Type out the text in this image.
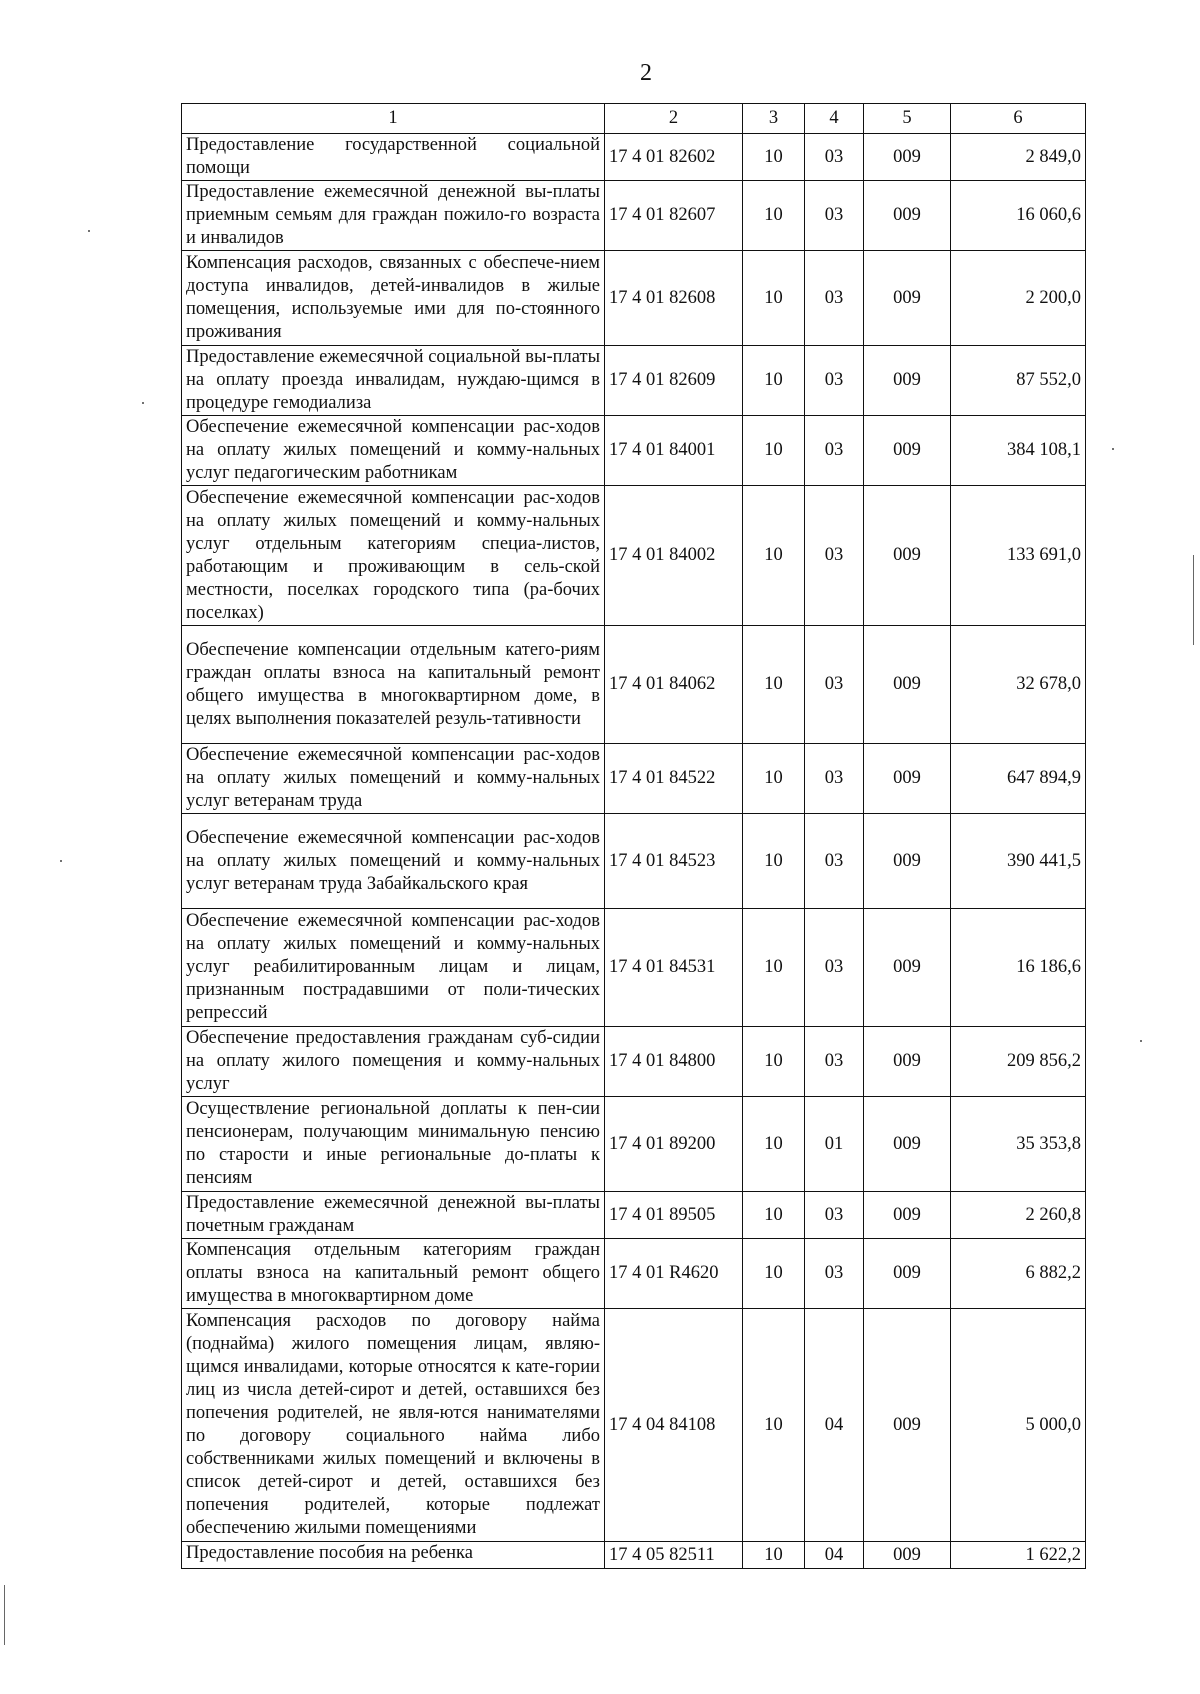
2
1	2	3	4	5	6
Предоставление государственной социальной помощи	17 4 01 82602	10	03	009	2 849,0
Предоставление ежемесячной денежной вы-платы приемным семьям для граждан пожило-го возраста и инвалидов	17 4 01 82607	10	03	009	16 060,6
Компенсация расходов, связанных с обеспече-нием доступа инвалидов, детей-инвалидов в жилые помещения, используемые ими для по-стоянного проживания	17 4 01 82608	10	03	009	2 200,0
Предоставление ежемесячной социальной вы-платы на оплату проезда инвалидам, нуждаю-щимся в процедуре гемодиализа	17 4 01 82609	10	03	009	87 552,0
Обеспечение ежемесячной компенсации рас-ходов на оплату жилых помещений и комму-нальных услуг педагогическим работникам	17 4 01 84001	10	03	009	384 108,1
Обеспечение ежемесячной компенсации рас-ходов на оплату жилых помещений и комму-нальных услуг отдельным категориям специа-листов, работающим и проживающим в сель-ской местности, поселках городского типа (ра-бочих поселках)	17 4 01 84002	10	03	009	133 691,0
Обеспечение компенсации отдельным катего-риям граждан оплаты взноса на капитальный ремонт общего имущества в многоквартирном доме, в целях выполнения показателей резуль-тативности	17 4 01 84062	10	03	009	32 678,0
Обеспечение ежемесячной компенсации рас-ходов на оплату жилых помещений и комму-нальных услуг ветеранам труда	17 4 01 84522	10	03	009	647 894,9
Обеспечение ежемесячной компенсации рас-ходов на оплату жилых помещений и комму-нальных услуг ветеранам труда Забайкальского края	17 4 01 84523	10	03	009	390 441,5
Обеспечение ежемесячной компенсации рас-ходов на оплату жилых помещений и комму-нальных услуг реабилитированным лицам и лицам, признанным пострадавшими от поли-тических репрессий	17 4 01 84531	10	03	009	16 186,6
Обеспечение предоставления гражданам суб-сидии на оплату жилого помещения и комму-нальных услуг	17 4 01 84800	10	03	009	209 856,2
Осуществление региональной доплаты к пен-сии пенсионерам, получающим минимальную пенсию по старости и иные региональные до-платы к пенсиям	17 4 01 89200	10	01	009	35 353,8
Предоставление ежемесячной денежной вы-платы почетным гражданам	17 4 01 89505	10	03	009	2 260,8
Компенсация отдельным категориям граждан оплаты взноса на капитальный ремонт общего имущества в многоквартирном доме	17 4 01 R4620	10	03	009	6 882,2
Компенсация расходов по договору найма (поднайма) жилого помещения лицам, являю-щимся инвалидами, которые относятся к кате-гории лиц из числа детей-сирот и детей, оставшихся без попечения родителей, не явля-ются нанимателями по договору социального найма либо собственниками жилых помещений и включены в список детей-сирот и детей, оставшихся без попечения родителей, которые подлежат обеспечению жилыми помещениями	17 4 04 84108	10	04	009	5 000,0
Предоставление пособия на ребенка	17 4 05 82511	10	04	009	1 622,2
